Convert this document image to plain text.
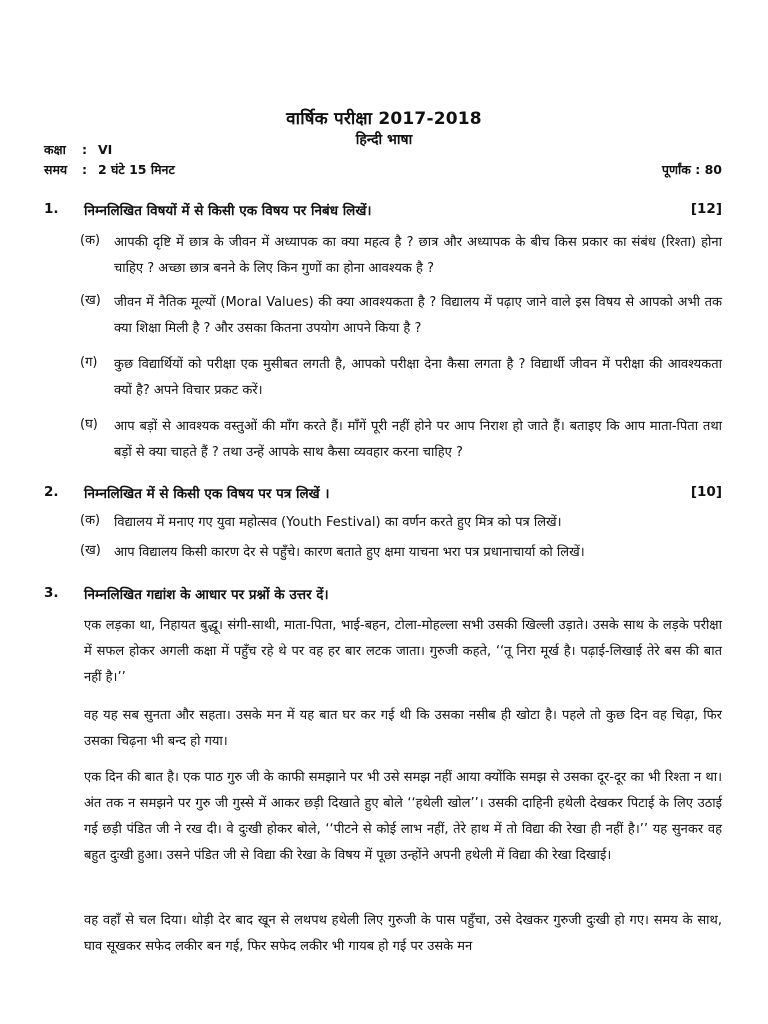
वार्षिक परीक्षा 2017-2018
हिन्दी भाषा
कक्षा : VI
समय : 2 घंटे 15 मिनट	पूर्णांक : 80
1. निम्नलिखित विषयों में से किसी एक विषय पर निबंध लिखें।	[12]
(क) आपकी दृष्टि में छात्र के जीवन में अध्यापक का क्या महत्व है ? छात्र और अध्यापक के बीच किस प्रकार का संबंध (रिश्ता) होना चाहिए ? अच्छा छात्र बनने के लिए किन गुणों का होना आवश्यक है ?
(ख) जीवन में नैतिक मूल्यों (Moral Values) की क्या आवश्यकता है ? विद्यालय में पढ़ाए जाने वाले इस विषय से आपको अभी तक क्या शिक्षा मिली है ? और उसका कितना उपयोग आपने किया है ?
(ग) कुछ विद्यार्थियों को परीक्षा एक मुसीबत लगती है, आपको परीक्षा देना कैसा लगता है ? विद्यार्थी जीवन में परीक्षा की आवश्यकता क्यों है? अपने विचार प्रकट करें।
(घ) आप बड़ों से आवश्यक वस्तुओं की माँग करते हैं। माँगें पूरी नहीं होने पर आप निराश हो जाते हैं। बताइए कि आप माता-पिता तथा बड़ों से क्या चाहते हैं ? तथा उन्हें आपके साथ कैसा व्यवहार करना चाहिए ?
2. निम्नलिखित में से किसी एक विषय पर पत्र लिखें ।	[10]
(क) विद्यालय में मनाए गए युवा महोत्सव (Youth Festival) का वर्णन करते हुए मित्र को पत्र लिखें।
(ख) आप विद्यालय किसी कारण देर से पहुँचे। कारण बताते हुए क्षमा याचना भरा पत्र प्रधानाचार्या को लिखें।
3. निम्नलिखित गद्यांश के आधार पर प्रश्नों के उत्तर दें।
एक लड़का था, निहायत बुद्धू। संगी-साथी, माता-पिता, भाई-बहन, टोला-मोहल्ला सभी उसकी खिल्ली उड़ाते। उसके साथ के लड़के परीक्षा में सफल होकर अगली कक्षा में पहुँच रहे थे पर वह हर बार लटक जाता। गुरुजी कहते, ‘‘तू निरा मूर्ख है। पढ़ाई-लिखाई तेरे बस की बात नहीं है।’’
वह यह सब सुनता और सहता। उसके मन में यह बात घर कर गई थी कि उसका नसीब ही खोटा है। पहले तो कुछ दिन वह चिढ़ा, फिर उसका चिढ़ना भी बन्द हो गया।
एक दिन की बात है। एक पाठ गुरु जी के काफी समझाने पर भी उसे समझ नहीं आया क्योंकि समझ से उसका दूर-दूर का भी रिश्ता न था। अंत तक न समझने पर गुरु जी गुस्से में आकर छड़ी दिखाते हुए बोले ‘‘हथेली खोल’’। उसकी दाहिनी हथेली देखकर पिटाई के लिए उठाई गई छड़ी पंडित जी ने रख दी। वे दुःखी होकर बोले, ‘‘पीटने से कोई लाभ नहीं, तेरे हाथ में तो विद्या की रेखा ही नहीं है।’’ यह सुनकर वह बहुत दुःखी हुआ। उसने पंडित जी से विद्या की रेखा के विषय में पूछा उन्होंने अपनी हथेली में विद्या की रेखा दिखाई।
वह वहाँ से चल दिया। थोड़ी देर बाद खून से लथपथ हथेली लिए गुरुजी के पास पहुँचा, उसे देखकर गुरुजी दुःखी हो गए। समय के साथ, घाव सूखकर सफेद लकीर बन गई, फिर सफेद लकीर भी गायब हो गई पर उसके मन
